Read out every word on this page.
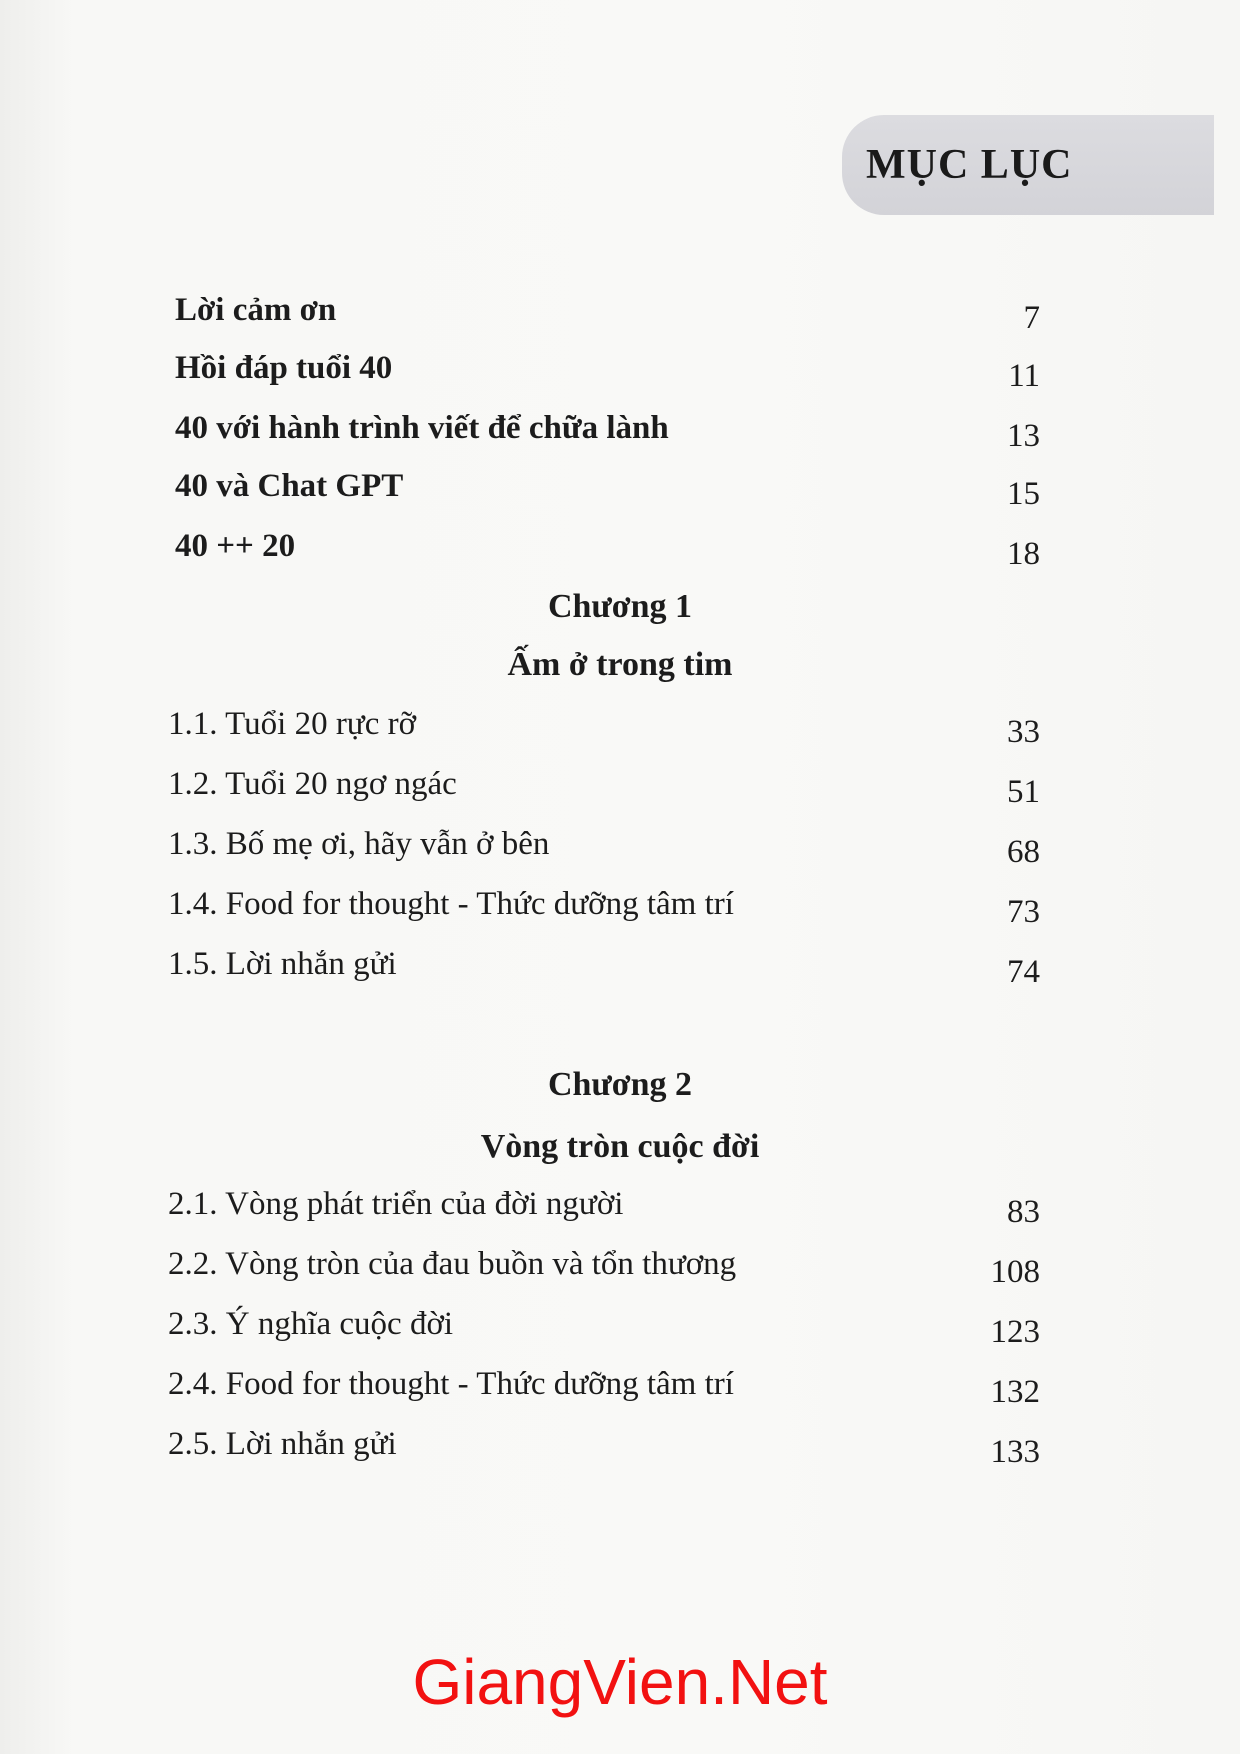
MỤC LỤC
Lời cảm ơn	7
Hồi đáp tuổi 40	11
40 với hành trình viết để chữa lành	13
40 và Chat GPT	15
40 ++ 20	18
Chương 1
Ấm ở trong tim
1.1. Tuổi 20 rực rỡ	33
1.2. Tuổi 20 ngơ ngác	51
1.3. Bố mẹ ơi, hãy vẫn ở bên	68
1.4. Food for thought - Thức dưỡng tâm trí	73
1.5. Lời nhắn gửi	74
Chương 2
Vòng tròn cuộc đời
2.1. Vòng phát triển của đời người	83
2.2. Vòng tròn của đau buồn và tổn thương	108
2.3. Ý nghĩa cuộc đời	123
2.4. Food for thought - Thức dưỡng tâm trí	132
2.5. Lời nhắn gửi	133
GiangVien.Net
